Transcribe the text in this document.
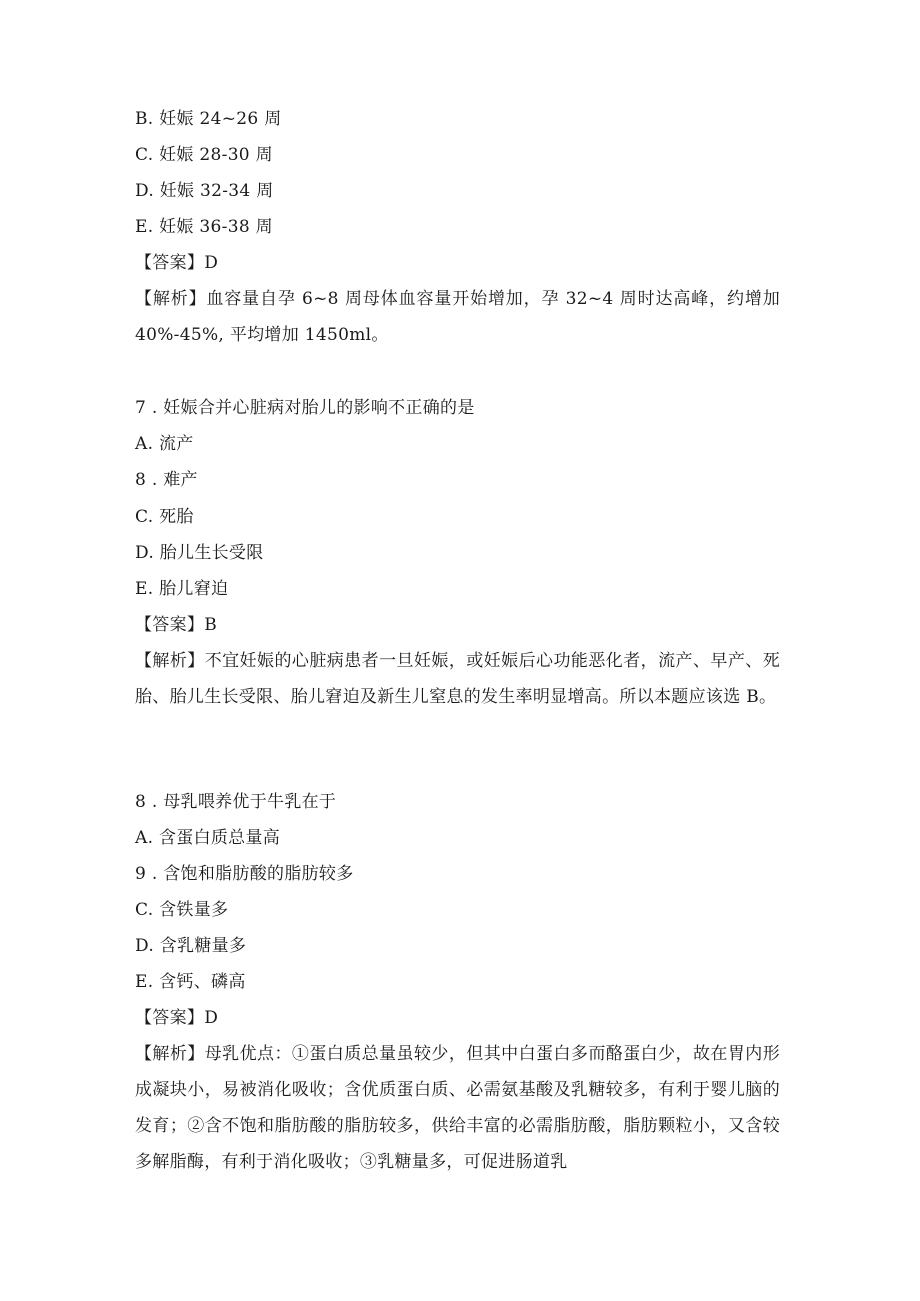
B. 妊娠 24~26 周
C. 妊娠 28-30 周
D. 妊娠 32-34 周
E. 妊娠 36-38 周
【答案】D
【解析】血容量自孕 6~8 周母体血容量开始增加，孕 32~4 周时达高峰，约增加 40%-45%, 平均增加 1450ml。
7 . 妊娠合并心脏病对胎儿的影响不正确的是
A. 流产
8 . 难产
C. 死胎
D. 胎儿生长受限
E. 胎儿窘迫
【答案】B
【解析】不宜妊娠的心脏病患者一旦妊娠，或妊娠后心功能恶化者，流产、早产、死胎、胎儿生长受限、胎儿窘迫及新生儿窒息的发生率明显增高。所以本题应该选 B。
8 . 母乳喂养优于牛乳在于
A. 含蛋白质总量高
9 . 含饱和脂肪酸的脂肪较多
C. 含铁量多
D. 含乳糖量多
E. 含钙、磷高
【答案】D
【解析】母乳优点：①蛋白质总量虽较少，但其中白蛋白多而酪蛋白少，故在胃内形成凝块小，易被消化吸收；含优质蛋白质、必需氨基酸及乳糖较多，有利于婴儿脑的发育；②含不饱和脂肪酸的脂肪较多，供给丰富的必需脂肪酸，脂肪颗粒小，又含较多解脂酶，有利于消化吸收；③乳糖量多，可促进肠道乳
